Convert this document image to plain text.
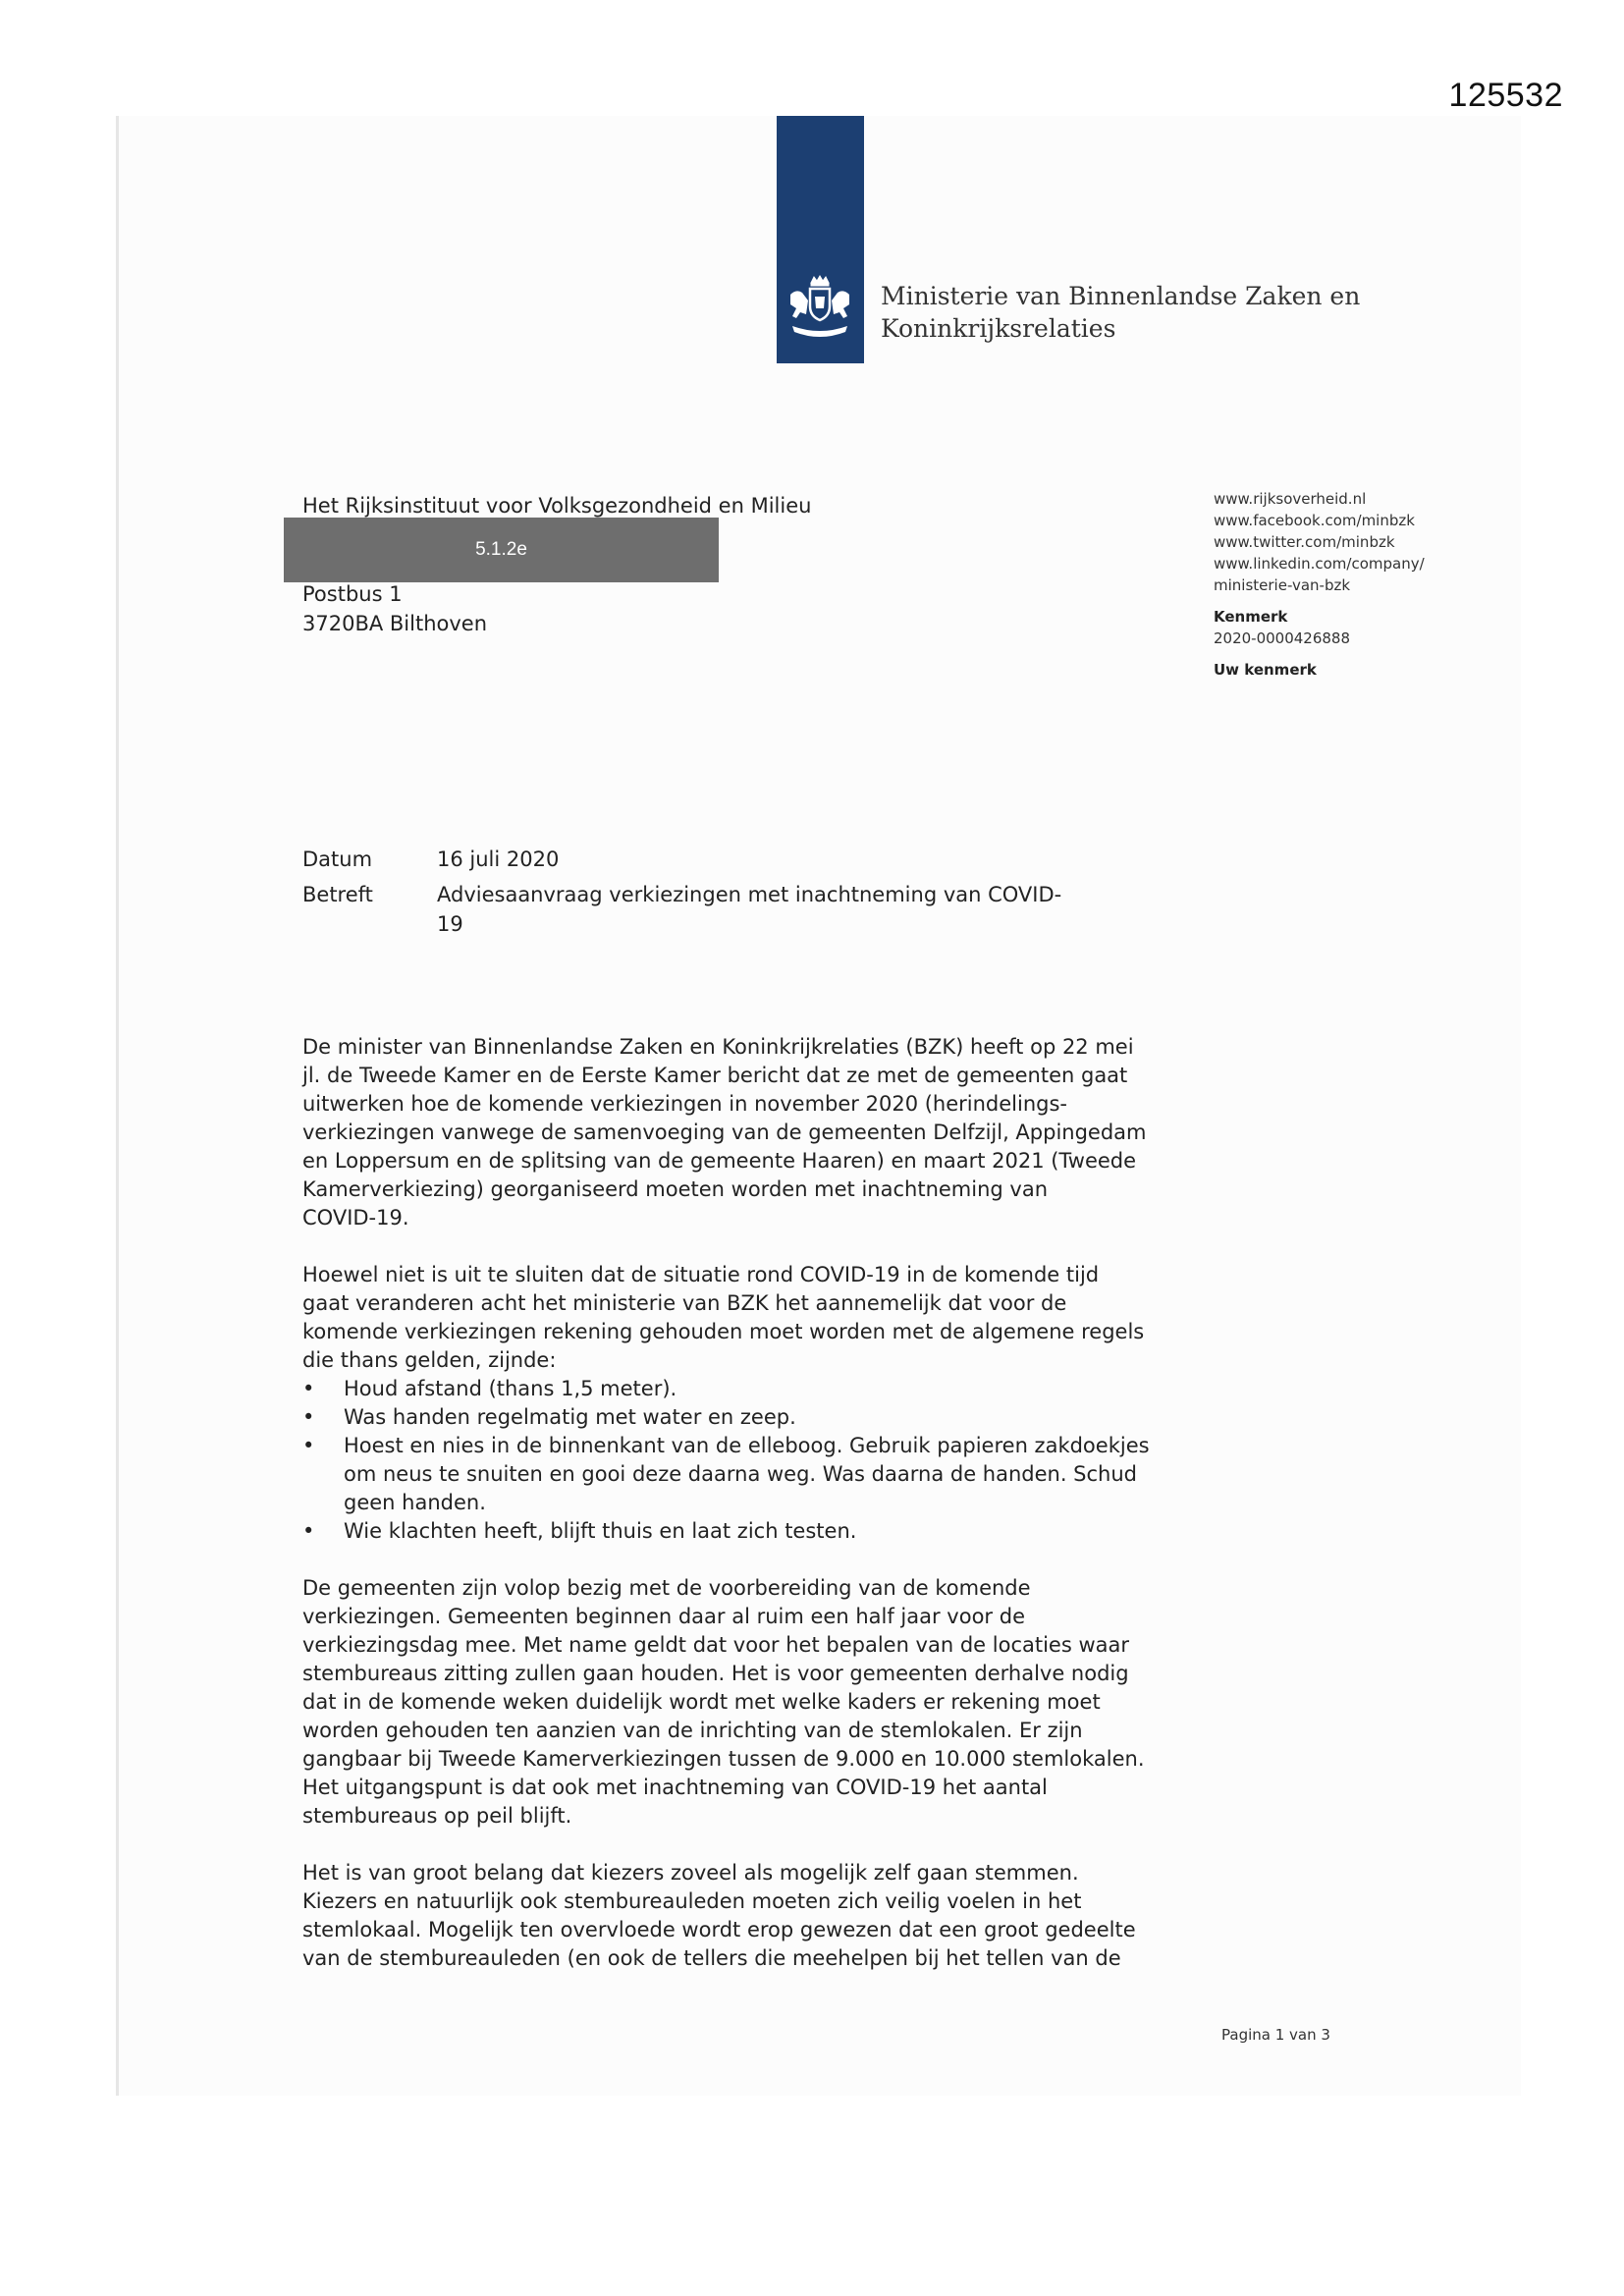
125532
Ministerie van Binnenlandse Zaken en
Koninkrijksrelaties
Het Rijksinstituut voor Volksgezondheid en Milieu
Postbus 1
3720BA Bilthoven
5.1.2e
www.rijksoverheid.nl
www.facebook.com/minbzk
www.twitter.com/minbzk
www.linkedin.com/company/
ministerie-van-bzk
Kenmerk
2020-0000426888
Uw kenmerk
Datum	16 juli 2020
Betreft	Adviesaanvraag verkiezingen met inachtneming van COVID-
19

De minister van Binnenlandse Zaken en Koninkrijkrelaties (BZK) heeft op 22 mei
jl. de Tweede Kamer en de Eerste Kamer bericht dat ze met de gemeenten gaat
uitwerken hoe de komende verkiezingen in november 2020 (herindelings-
verkiezingen vanwege de samenvoeging van de gemeenten Delfzijl, Appingedam
en Loppersum en de splitsing van de gemeente Haaren) en maart 2021 (Tweede
Kamerverkiezing) georganiseerd moeten worden met inachtneming van
COVID-19.

Hoewel niet is uit te sluiten dat de situatie rond COVID-19 in de komende tijd
gaat veranderen acht het ministerie van BZK het aannemelijk dat voor de
komende verkiezingen rekening gehouden moet worden met de algemene regels
die thans gelden, zijnde:

• Houd afstand (thans 1,5 meter).
• Was handen regelmatig met water en zeep.
• Hoest en nies in de binnenkant van de elleboog. Gebruik papieren zakdoekjes
om neus te snuiten en gooi deze daarna weg. Was daarna de handen. Schud
geen handen.
• Wie klachten heeft, blijft thuis en laat zich testen.

De gemeenten zijn volop bezig met de voorbereiding van de komende
verkiezingen. Gemeenten beginnen daar al ruim een half jaar voor de
verkiezingsdag mee. Met name geldt dat voor het bepalen van de locaties waar
stembureaus zitting zullen gaan houden. Het is voor gemeenten derhalve nodig
dat in de komende weken duidelijk wordt met welke kaders er rekening moet
worden gehouden ten aanzien van de inrichting van de stemlokalen. Er zijn
gangbaar bij Tweede Kamerverkiezingen tussen de 9.000 en 10.000 stemlokalen.
Het uitgangspunt is dat ook met inachtneming van COVID-19 het aantal
stembureaus op peil blijft.

Het is van groot belang dat kiezers zoveel als mogelijk zelf gaan stemmen.
Kiezers en natuurlijk ook stembureauleden moeten zich veilig voelen in het
stemlokaal. Mogelijk ten overvloede wordt erop gewezen dat een groot gedeelte
van de stembureauleden (en ook de tellers die meehelpen bij het tellen van de

Pagina 1 van 3
